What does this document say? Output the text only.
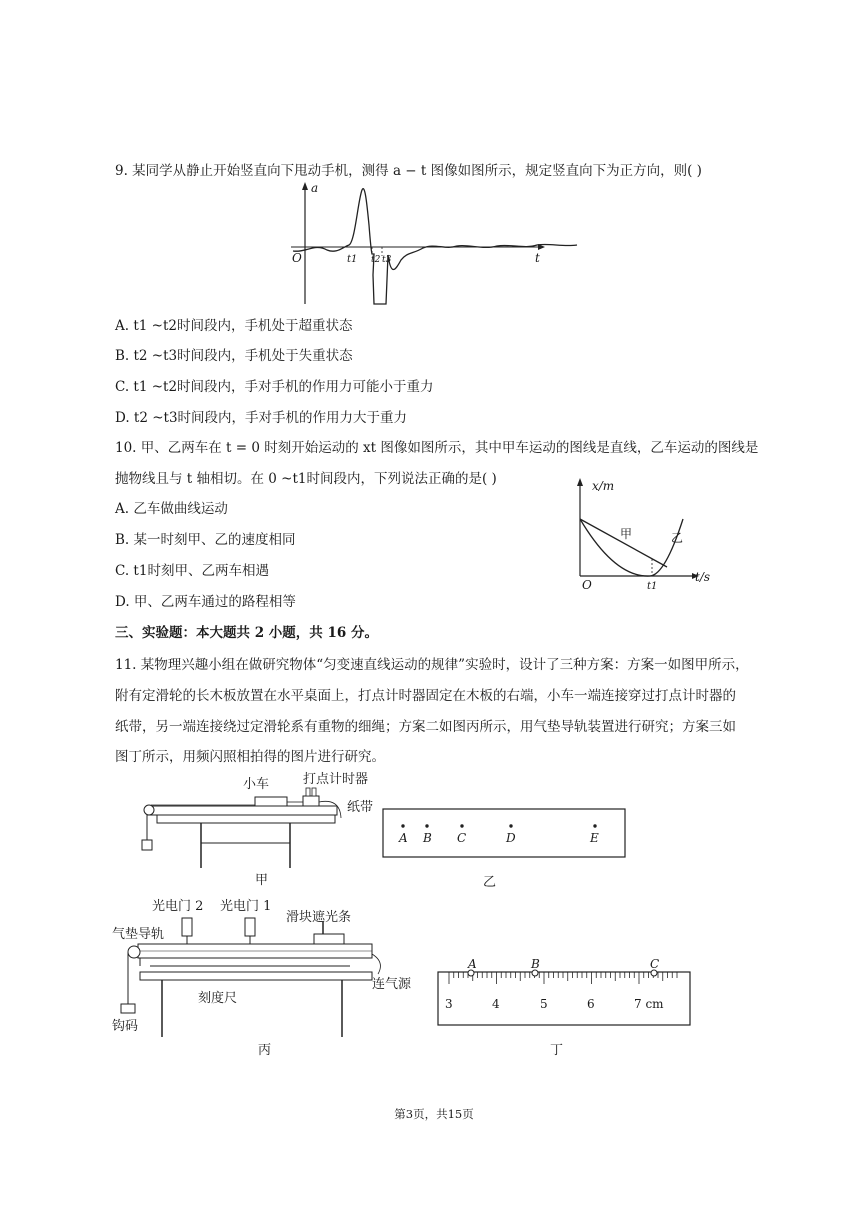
9. 某同学从静止开始竖直向下甩动手机，测得 a − t 图像如图所示，规定竖直向下为正方向，则( )
a
O	t1 t2 t3	t
A. t1 ~t2时间段内，手机处于超重状态
B. t2 ~t3时间段内，手机处于失重状态
C. t1 ~t2时间段内，手对手机的作用力可能小于重力
D. t2 ~t3时间段内，手对手机的作用力大于重力
10. 甲、乙两车在 t = 0 时刻开始运动的 xt 图像如图所示，其中甲车运动的图线是直线，乙车运动的图线是
抛物线且与 t 轴相切。在 0 ~t1时间段内，下列说法正确的是( )
A. 乙车做曲线运动
B. 某一时刻甲、乙的速度相同
C. t1时刻甲、乙两车相遇
D. 甲、乙两车通过的路程相等
x/m
O
甲	乙
t1
t/s
三、实验题：本大题共 2 小题，共 16 分。
11. 某物理兴趣小组在做研究物体“匀变速直线运动的规律”实验时，设计了三种方案：方案一如图甲所示，
附有定滑轮的长木板放置在水平桌面上，打点计时器固定在木板的右端，小车一端连接穿过打点计时器的
纸带，另一端连接绕过定滑轮系有重物的细绳；方案二如图丙所示，用气垫导轨装置进行研究；方案三如
图丁所示，用频闪照相拍得的图片进行研究。
小车	打点计时器
纸带
甲
A B C	D	E
乙
光电门 2 光电门 1
滑块遮光条
气垫导轨
连气源
刻度尺
钩码
丙
A	B	C
3	4	5	6	7 cm
丁
第3页，共15页
